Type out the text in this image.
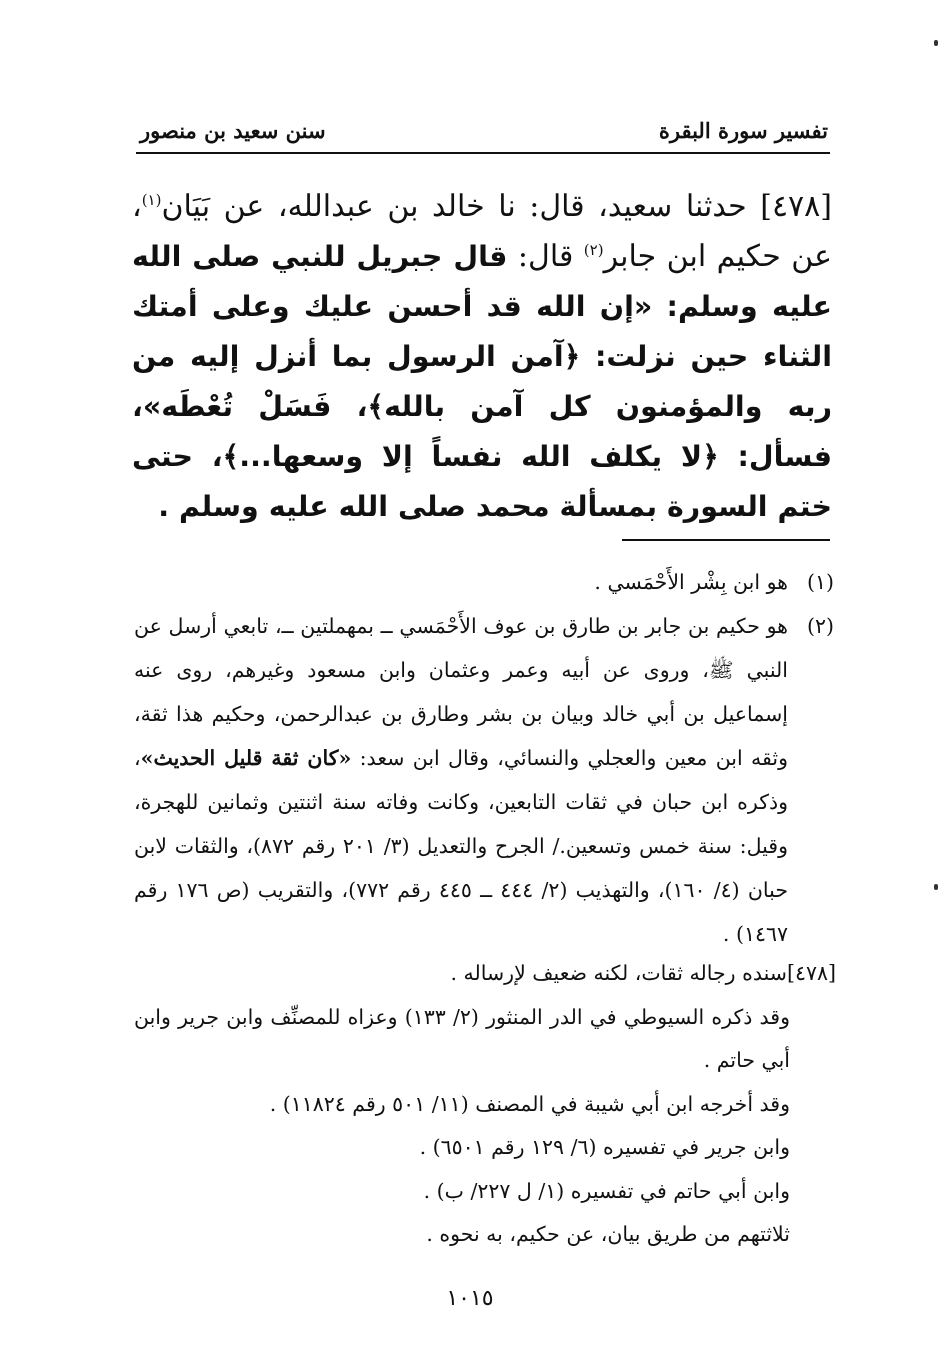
تفسير سورة البقرة
سنن سعيد بن منصور
[٤٧٨] حدثنا سعيد، قال: نا خالد بن عبدالله، عن بَيَان$^{(١)}$، عن حكيم ابن جابر$^{(٢)}$ قال: قال جبريل للنبي صلى الله عليه وسلم: «إن الله قد أحسن عليك وعلى أمتك الثناء حين نزلت: ﴿آمن الرسول بما أنزل إليه من ربه والمؤمنون كل آمن بالله﴾، فَسَلْ تُعْطَه»، فسأل: ﴿لا يكلف الله نفساً إلا وسعها...﴾، حتى ختم السورة بمسألة محمد صلى الله عليه وسلم .
(١)
هو ابن بِشْر الأَحْمَسي .
(٢)
هو حكيم بن جابر بن طارق بن عوف الأَحْمَسي ــ بمهملتين ــ، تابعي أرسل عن النبي ﷺ، وروى عن أبيه وعمر وعثمان وابن مسعود وغيرهم، روى عنه إسماعيل بن أبي خالد وبيان بن بشر وطارق بن عبدالرحمن، وحكيم هذا ثقة، وثقه ابن معين والعجلي والنسائي، وقال ابن سعد: «كان ثقة قليل الحديث»، وذكره ابن حبان في ثقات التابعين، وكانت وفاته سنة اثنتين وثمانين للهجرة، وقيل: سنة خمس وتسعين./ الجرح والتعديل (٣/ ٢٠١ رقم ٨٧٢)، والثقات لابن حبان (٤/ ١٦٠)، والتهذيب (٢/ ٤٤٤ ــ ٤٤٥ رقم ٧٧٢)، والتقريب (ص ١٧٦ رقم ١٤٦٧) .
[٤٧٨]سنده رجاله ثقات، لكنه ضعيف لإرساله .
وقد ذكره السيوطي في الدر المنثور (٢/ ١٣٣) وعزاه للمصنِّف وابن جرير وابن أبي حاتم .
وقد أخرجه ابن أبي شيبة في المصنف (١١/ ٥٠١ رقم ١١٨٢٤) .
وابن جرير في تفسيره (٦/ ١٢٩ رقم ٦٥٠١) .
وابن أبي حاتم في تفسيره (١/ ل ٢٢٧/ ب) .
ثلاثتهم من طريق بيان، عن حكيم، به نحوه .
١٠١٥
